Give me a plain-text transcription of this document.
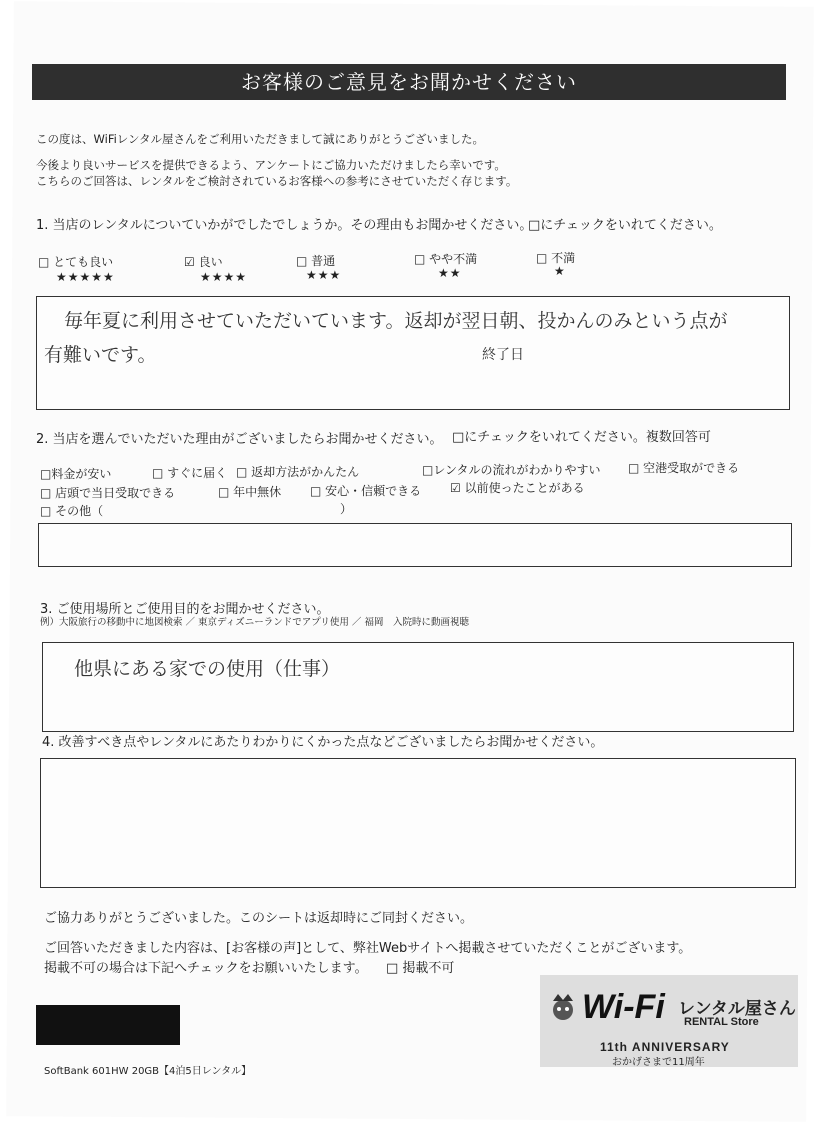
お客様のご意見をお聞かせください
この度は、WiFiレンタル屋さんをご利用いただきまして誠にありがとうございました。
今後より良いサービスを提供できるよう、アンケートにご協力いただけましたら幸いです。
こちらのご回答は、レンタルをご検討されているお客様への参考にさせていただく存じます。
1. 当店のレンタルについていかがでしたでしょうか。その理由もお聞かせください。
□にチェックをいれてください。
□ とても良い
★★★★★
☑ 良い
★★★★
□ 普通
★★★
□ やや不満
★★
□ 不満
★
毎年夏に利用させていただいています。返却が翌日朝、投かんのみという点が
有難いです。	終了日
2. 当店を選んでいただいた理由がございましたらお聞かせください。 □にチェックをいれてください。複数回答可
□料金が安い	□ すぐに届く □ 返却方法がかんたん	□レンタルの流れがわかりやすい □ 空港受取ができる
□ 店頭で当日受取できる	□ 年中無休 □ 安心・信頼できる ☑ 以前使ったことがある
□ その他（	）
3. ご使用場所とご使用目的をお聞かせください。
例）大阪旅行の移動中に地図検索 ／ 東京ディズニーランドでアプリ使用 ／ 福岡　入院時に動画視聴
他県にある家での使用（仕事）
4. 改善すべき点やレンタルにあたりわかりにくかった点などございましたらお聞かせください。
ご協力ありがとうございました。このシートは返却時にご同封ください。
ご回答いただきました内容は、[お客様の声]として、弊社Webサイトへ掲載させていただくことがございます。
掲載不可の場合は下記へチェックをお願いいたします。 □ 掲載不可
SoftBank 601HW 20GB【4泊5日レンタル】
Wi-Fi レンタル屋さん
RENTAL Store
11th ANNIVERSARY
おかげさまで11周年
